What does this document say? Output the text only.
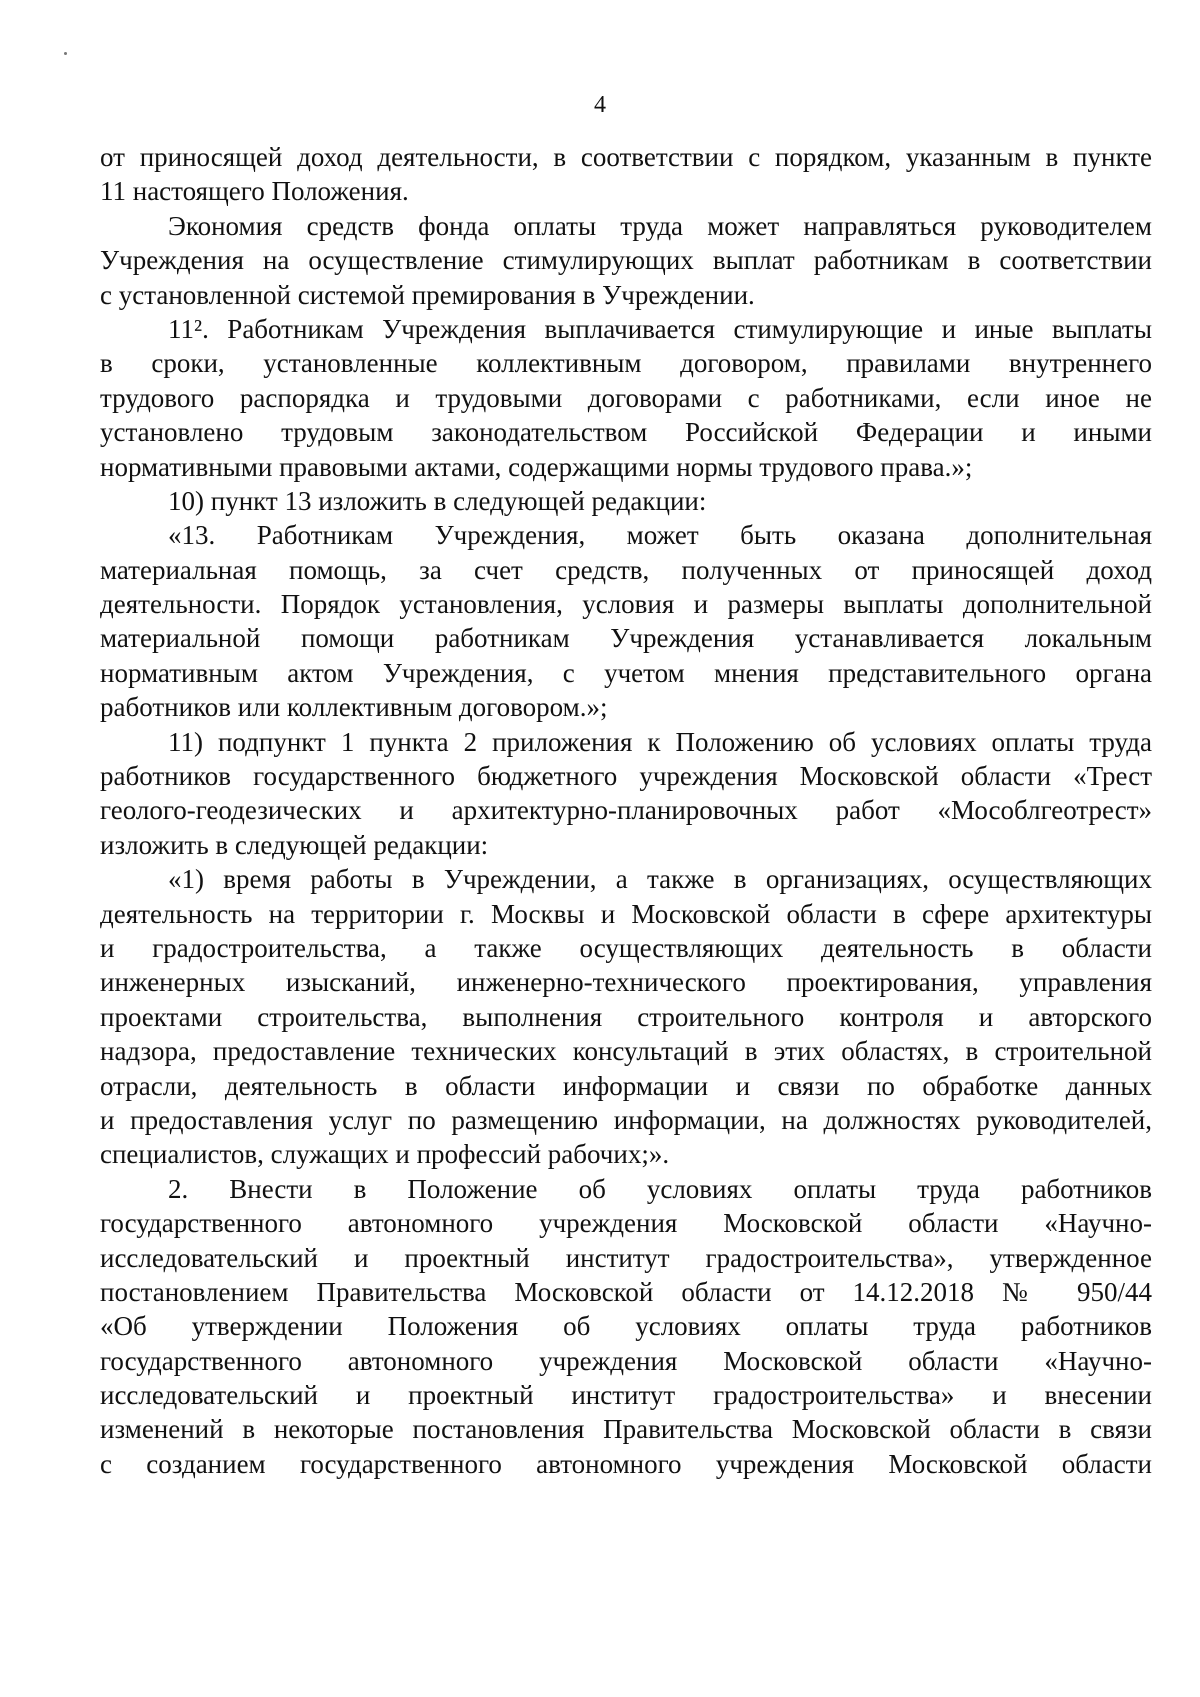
4
от приносящей доход деятельности, в соответствии с порядком, указанным в пункте
11 настоящего Положения.
Экономия средств фонда оплаты труда может направляться руководителем
Учреждения на осуществление стимулирующих выплат работникам в соответствии
с установленной системой премирования в Учреждении.
11². Работникам Учреждения выплачивается стимулирующие и иные выплаты
в сроки, установленные коллективным договором, правилами внутреннего
трудового распорядка и трудовыми договорами с работниками, если иное не
установлено трудовым законодательством Российской Федерации и иными
нормативными правовыми актами, содержащими нормы трудового права.»;
10) пункт 13 изложить в следующей редакции:
«13. Работникам Учреждения, может быть оказана дополнительная
материальная помощь, за счет средств, полученных от приносящей доход
деятельности. Порядок установления, условия и размеры выплаты дополнительной
материальной помощи работникам Учреждения устанавливается локальным
нормативным актом Учреждения, с учетом мнения представительного органа
работников или коллективным договором.»;
11) подпункт 1 пункта 2 приложения к Положению об условиях оплаты труда
работников государственного бюджетного учреждения Московской области «Трест
геолого-геодезических и архитектурно-планировочных работ «Мособлгеотрест»
изложить в следующей редакции:
«1) время работы в Учреждении, а также в организациях, осуществляющих
деятельность на территории г. Москвы и Московской области в сфере архитектуры
и градостроительства, а также осуществляющих деятельность в области
инженерных изысканий, инженерно-технического проектирования, управления
проектами строительства, выполнения строительного контроля и авторского
надзора, предоставление технических консультаций в этих областях, в строительной
отрасли, деятельность в области информации и связи по обработке данных
и предоставления услуг по размещению информации, на должностях руководителей,
специалистов, служащих и профессий рабочих;».
2. Внести в Положение об условиях оплаты труда работников
государственного автономного учреждения Московской области «Научно-
исследовательский и проектный институт градостроительства», утвержденное
постановлением Правительства Московской области от 14.12.2018 № 950/44
«Об утверждении Положения об условиях оплаты труда работников
государственного автономного учреждения Московской области «Научно-
исследовательский и проектный институт градостроительства» и внесении
изменений в некоторые постановления Правительства Московской области в связи
с созданием государственного автономного учреждения Московской области
